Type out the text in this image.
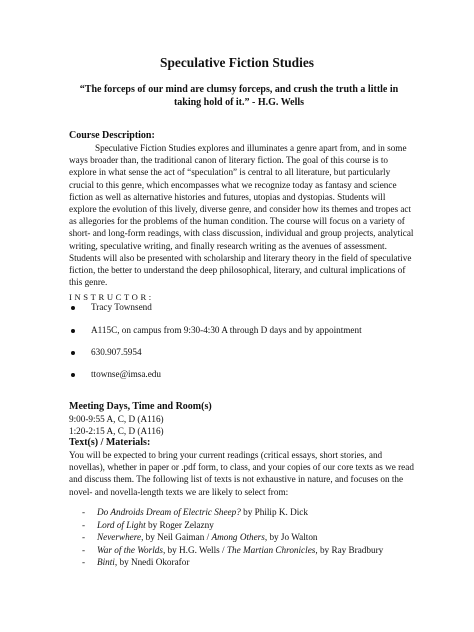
Speculative Fiction Studies
“The forceps of our mind are clumsy forceps, and crush the truth a little in taking hold of it.” - H.G. Wells
Course Description:
Speculative Fiction Studies explores and illuminates a genre apart from, and in some ways broader than, the traditional canon of literary fiction. The goal of this course is to explore in what sense the act of “speculation” is central to all literature, but particularly crucial to this genre, which encompasses what we recognize today as fantasy and science fiction as well as alternative histories and futures, utopias and dystopias. Students will explore the evolution of this lively, diverse genre, and consider how its themes and tropes act as allegories for the problems of the human condition. The course will focus on a variety of short- and long-form readings, with class discussion, individual and group projects, analytical writing, speculative writing, and finally research writing as the avenues of assessment. Students will also be presented with scholarship and literary theory in the field of speculative fiction, the better to understand the deep philosophical, literary, and cultural implications of this genre.
INSTRUCTOR:
Tracy Townsend
A115C, on campus from 9:30-4:30 A through D days and by appointment
630.907.5954
ttownse@imsa.edu
Meeting Days, Time and Room(s)
9:00-9:55 A, C, D (A116)
1:20-2:15 A, C, D (A116)
Text(s) / Materials:
You will be expected to bring your current readings (critical essays, short stories, and novellas), whether in paper or .pdf form, to class, and your copies of our core texts as we read and discuss them. The following list of texts is not exhaustive in nature, and focuses on the novel- and novella-length texts we are likely to select from:
- Do Androids Dream of Electric Sheep? by Philip K. Dick
- Lord of Light by Roger Zelazny
- Neverwhere, by Neil Gaiman / Among Others, by Jo Walton
- War of the Worlds, by H.G. Wells / The Martian Chronicles, by Ray Bradbury
- Binti, by Nnedi Okorafor
